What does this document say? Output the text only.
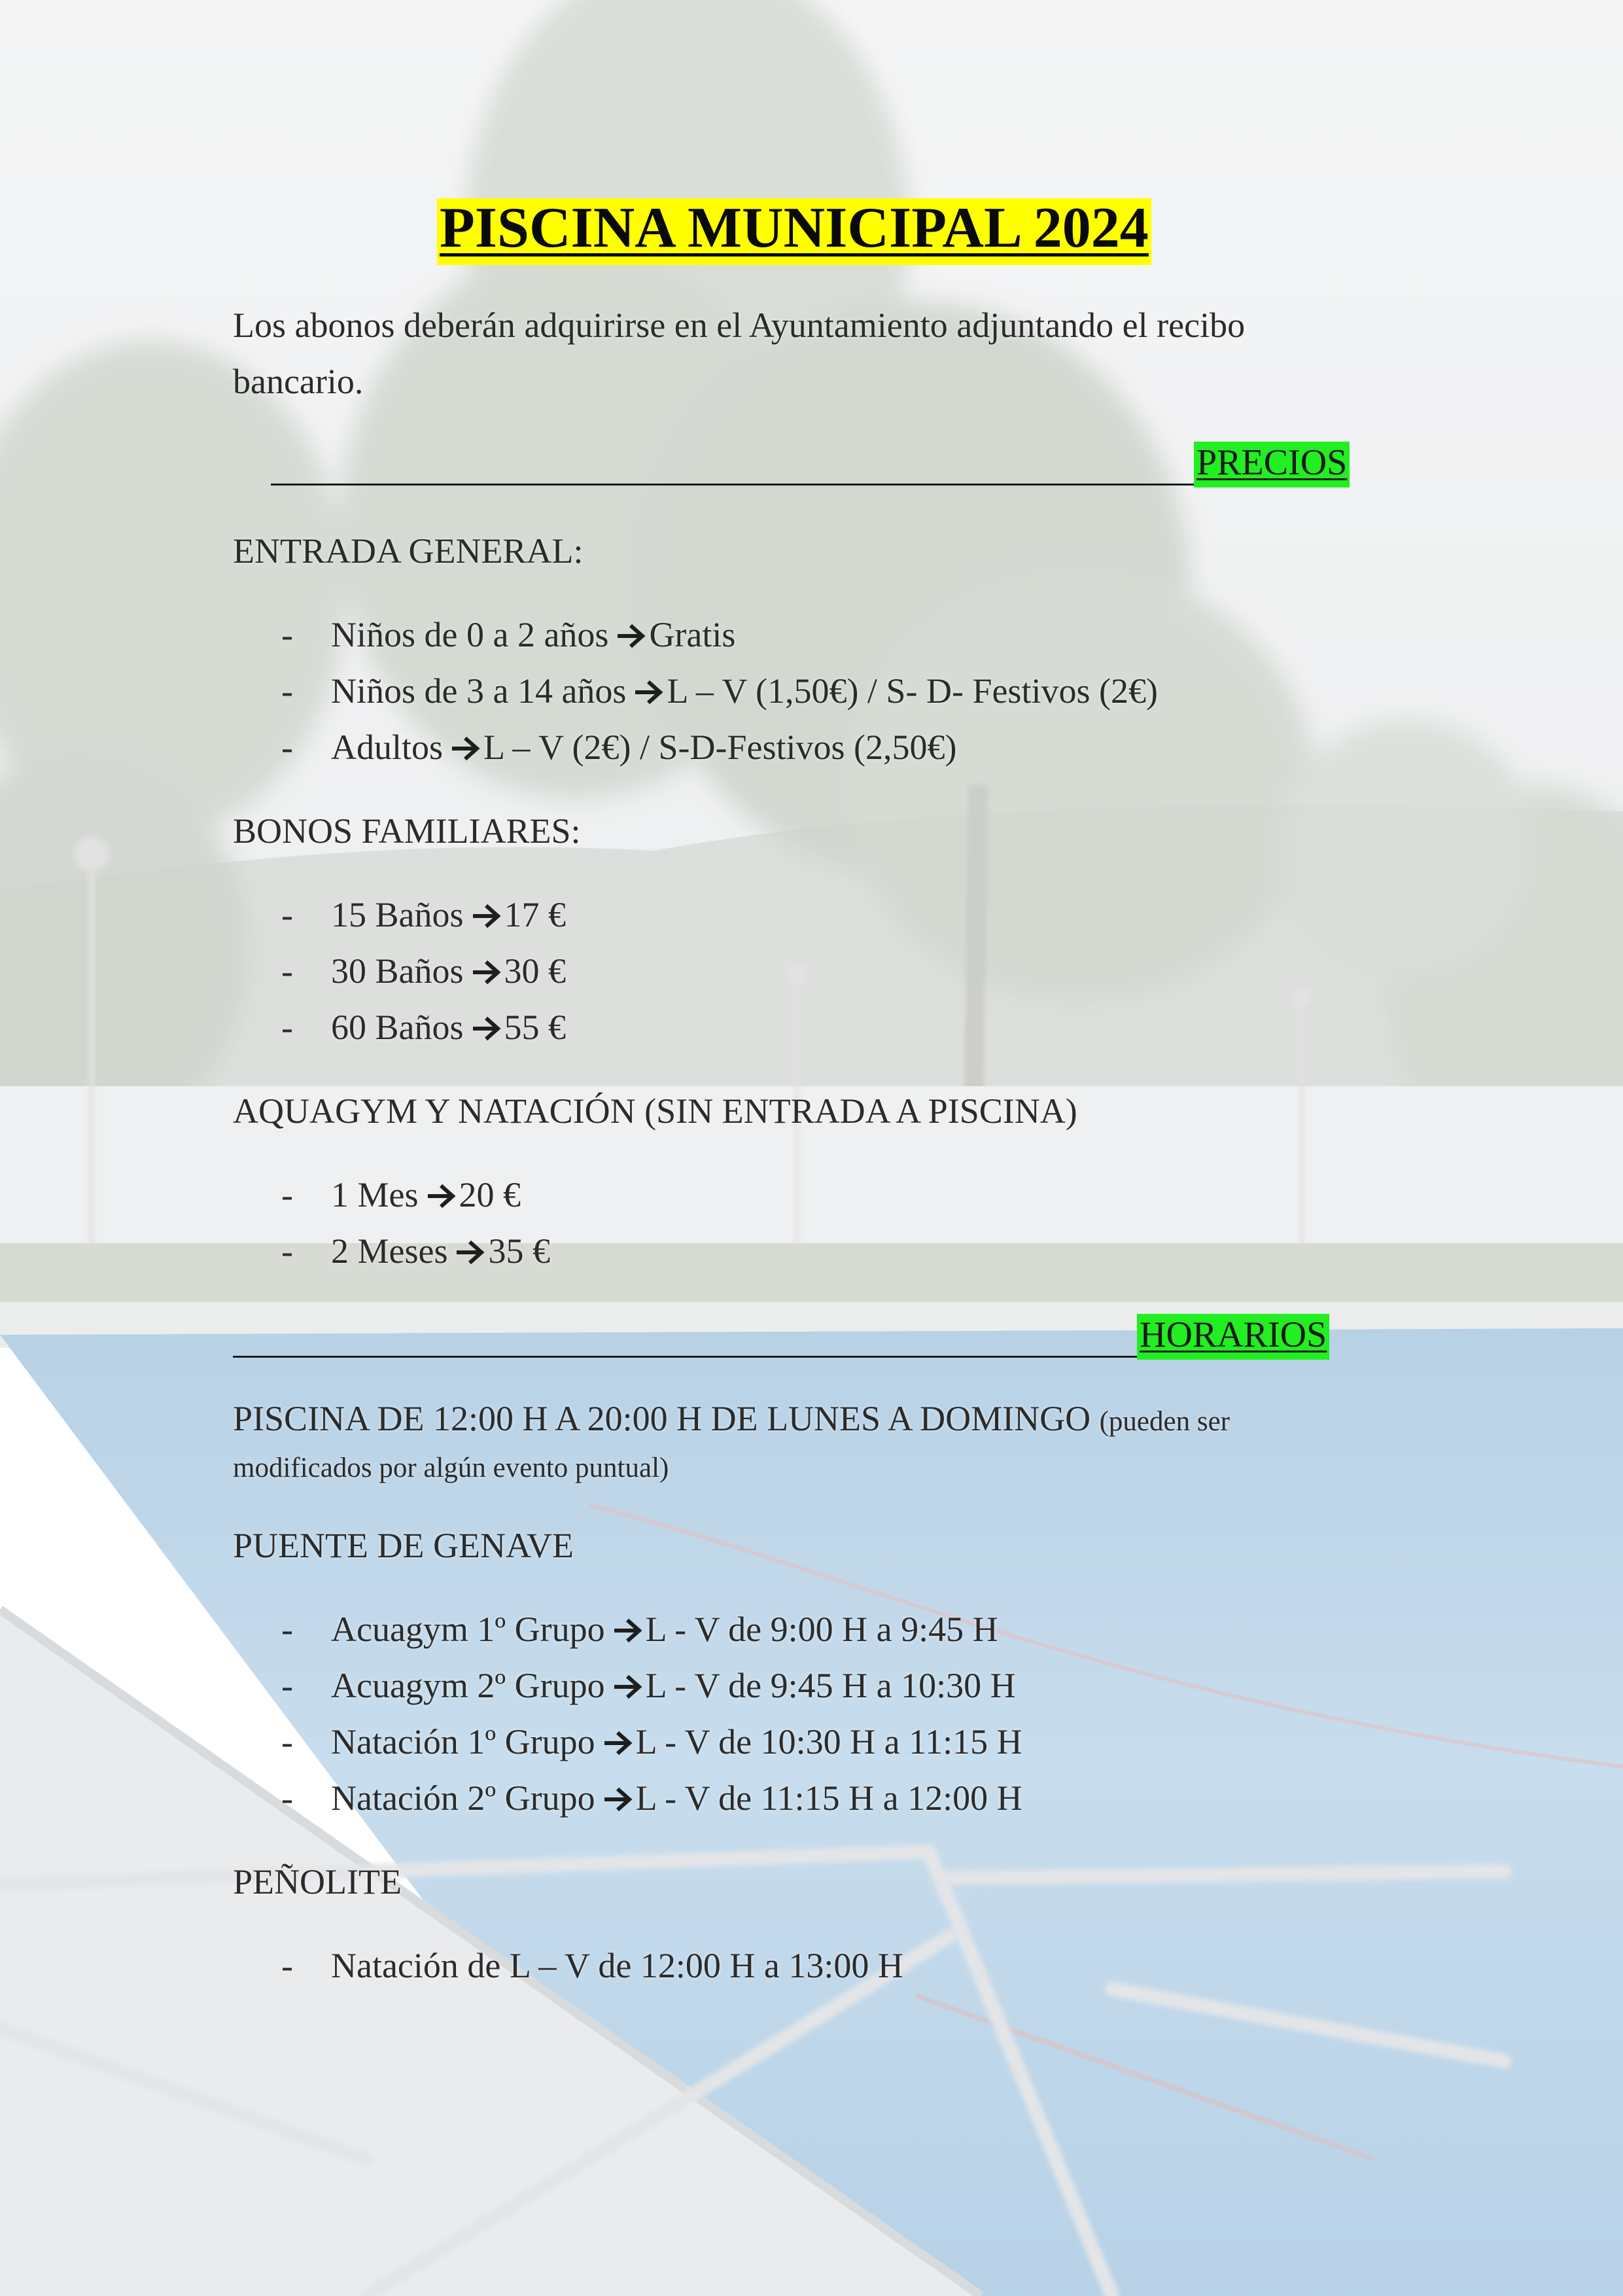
PISCINA MUNICIPAL 2024
Los abonos deberán adquirirse en el Ayuntamiento adjuntando el recibo
bancario.
PRECIOS
ENTRADA GENERAL:
- Niños de 0 a 2 años Gratis
- Niños de 3 a 14 años L – V (1,50€) / S- D- Festivos (2€)
- Adultos L – V (2€) / S-D-Festivos (2,50€)
BONOS FAMILIARES:
- 15 Baños 17 €
- 30 Baños 30 €
- 60 Baños 55 €
AQUAGYM Y NATACIÓN (SIN ENTRADA A PISCINA)
- 1 Mes 20 €
- 2 Meses 35 €
HORARIOS
PISCINA DE 12:00 H A 20:00 H DE LUNES A DOMINGO (pueden ser
modificados por algún evento puntual)
PUENTE DE GENAVE
- Acuagym 1º Grupo L - V de 9:00 H a 9:45 H
- Acuagym 2º Grupo L - V de 9:45 H a 10:30 H
- Natación 1º Grupo L - V de 10:30 H a 11:15 H
- Natación 2º Grupo L - V de 11:15 H a 12:00 H
PEÑOLITE
- Natación de L – V de 12:00 H a 13:00 H
